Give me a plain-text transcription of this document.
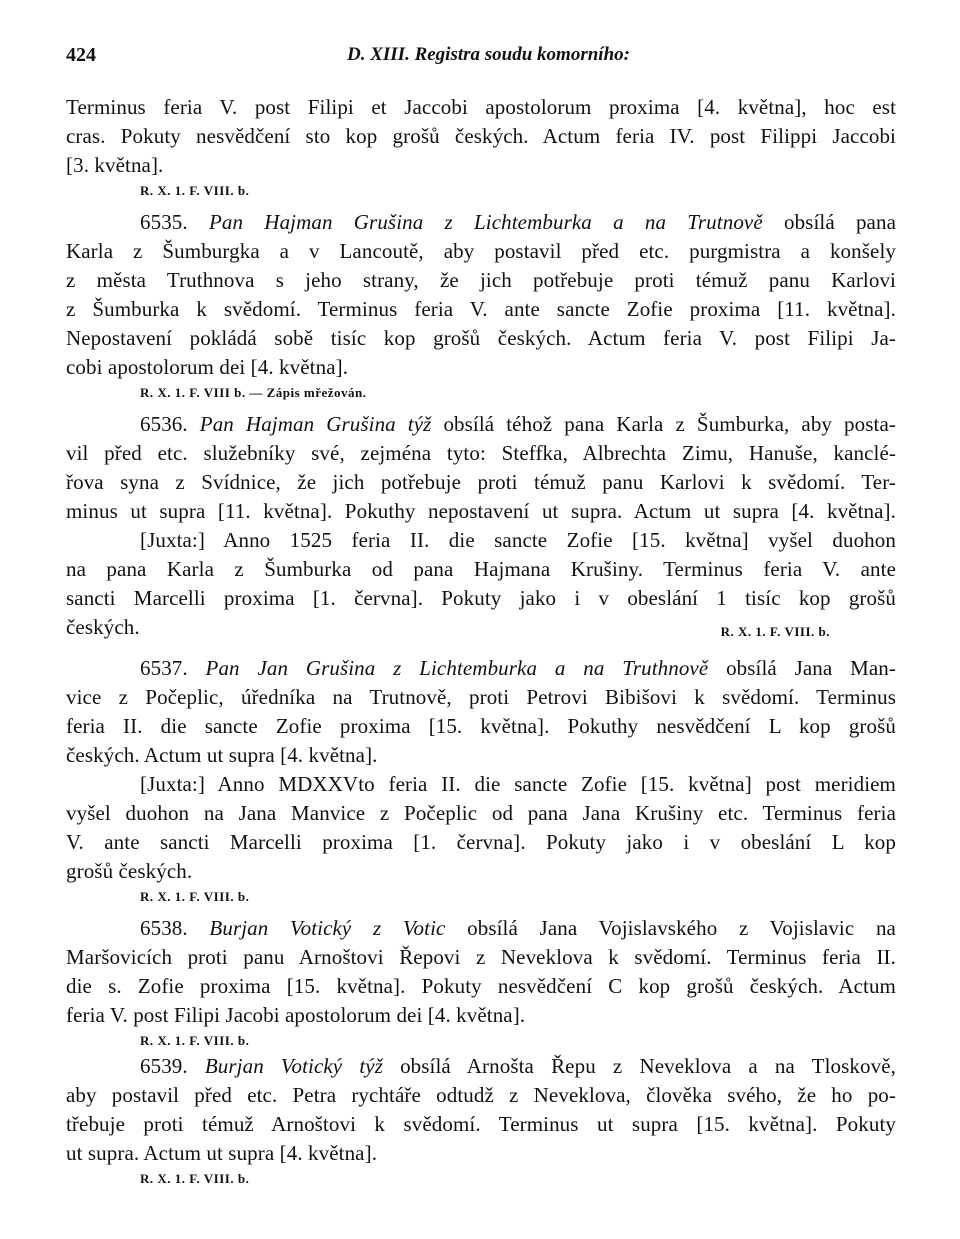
424	D. XIII. Registra soudu komorního:

Terminus feria V. post Filipi et Jaccobi apostolorum proxima [4. května], hoc est

cras. Pokuty nesvědčení sto kop grošů českých. Actum feria IV. post Filippi Jaccobi

[3. května].

R. X. 1. F. VIII. b.

6535. Pan Hajman Grušina z Lichtemburka a na Trutnově obsílá pana

Karla z Šumburgka a v Lancoutě, aby postavil před etc. purgmistra a konšely

z města Truthnova s jeho strany, že jich potřebuje proti témuž panu Karlovi

z Šumburka k svědomí. Terminus feria V. ante sancte Zofie proxima [11. května].

Nepostavení pokládá sobě tisíc kop grošů českých. Actum feria V. post Filipi Ja-

cobi apostolorum dei [4. května].

R. X. 1. F. VIII b. — Zápis mřežován.

6536. Pan Hajman Grušina týž obsílá téhož pana Karla z Šumburka, aby posta-

vil před etc. služebníky své, zejména tyto: Steffka, Albrechta Zimu, Hanuše, kanclé-

řova syna z Svídnice, že jich potřebuje proti témuž panu Karlovi k svědomí. Ter-

minus ut supra [11. května]. Pokuthy nepostavení ut supra. Actum ut supra [4. května].

[Juxta:] Anno 1525 feria II. die sancte Zofie [15. května] vyšel duohon

na pana Karla z Šumburka od pana Hajmana Krušiny. Terminus feria V. ante

sancti Marcelli proxima [1. června]. Pokuty jako i v obeslání 1 tisíc kop grošů

českých.	R. X. 1. F. VIII. b.

6537. Pan Jan Grušina z Lichtemburka a na Truthnově obsílá Jana Man-

vice z Počeplic, úředníka na Trutnově, proti Petrovi Bibišovi k svědomí. Terminus

feria II. die sancte Zofie proxima [15. května]. Pokuthy nesvědčení L kop grošů

českých. Actum ut supra [4. května].

[Juxta:] Anno MDXXVto feria II. die sancte Zofie [15. května] post meridiem

vyšel duohon na Jana Manvice z Počeplic od pana Jana Krušiny etc. Terminus feria

V. ante sancti Marcelli proxima [1. června]. Pokuty jako i v obeslání L kop

grošů českých.

R. X. 1. F. VIII. b.

6538. Burjan Votický z Votic obsílá Jana Vojislavského z Vojislavic na

Maršovicích proti panu Arnoštovi Řepovi z Neveklova k svědomí. Terminus feria II.

die s. Zofie proxima [15. května]. Pokuty nesvědčení C kop grošů českých. Actum

feria V. post Filipi Jacobi apostolorum dei [4. května].

R. X. 1. F. VIII. b.

6539. Burjan Votický týž obsílá Arnošta Řepu z Neveklova a na Tloskově,

aby postavil před etc. Petra rychtáře odtudž z Neveklova, člověka svého, že ho po-

třebuje proti témuž Arnoštovi k svědomí. Terminus ut supra [15. května]. Pokuty

ut supra. Actum ut supra [4. května].

R. X. 1. F. VIII. b.
